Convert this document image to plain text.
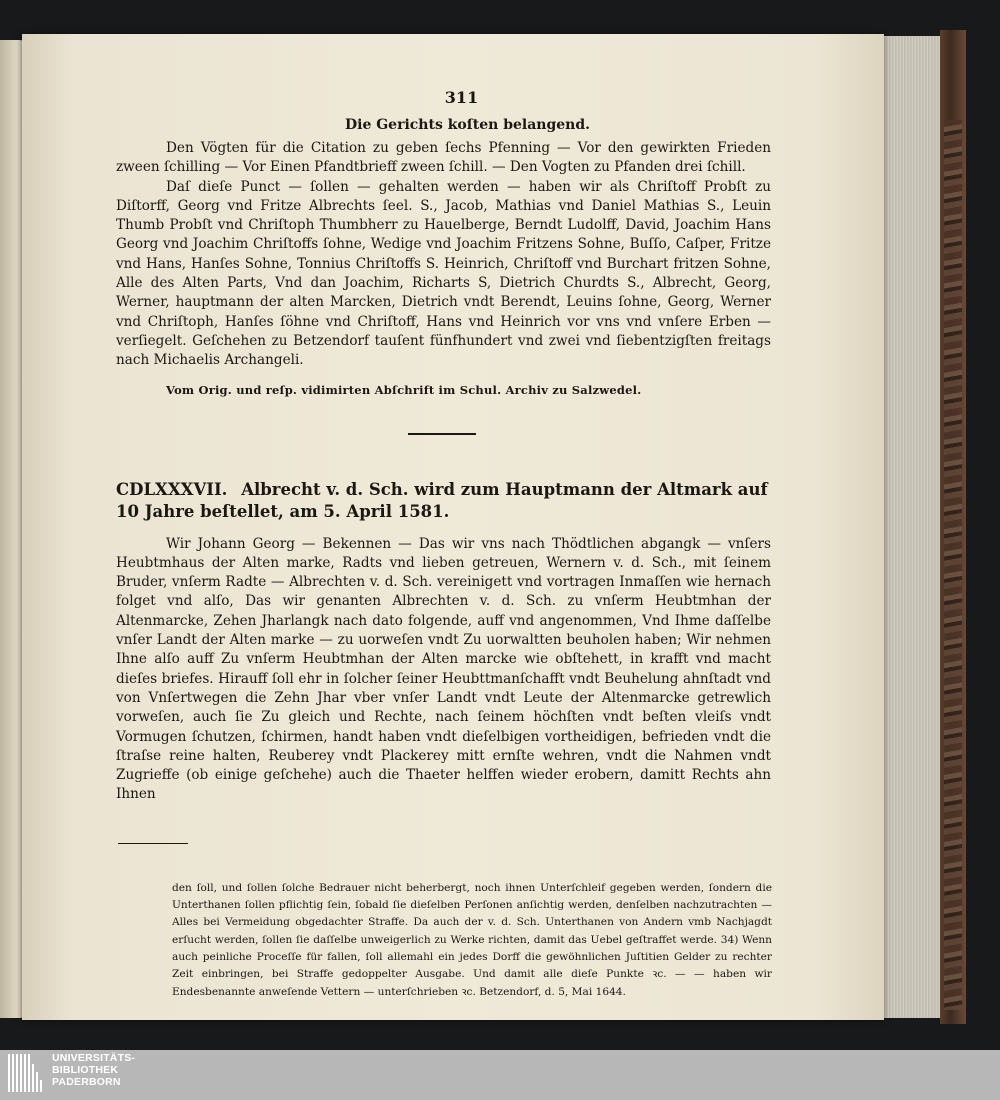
311
Die Gerichts koſten belangend.

Den Vögten für die Citation zu geben ſechs Pfenning — Vor den gewirkten Frieden zween ſchilling — Vor Einen Pfandtbrieff zween ſchill. — Den Vogten zu Pfanden drei ſchill.

Daſ dieſe Punct — ſollen — gehalten werden — haben wir als Chriſtoff Probſt zu Diſtorff, Georg vnd Fritze Albrechts ſeel. S., Jacob, Mathias vnd Daniel Mathias S., Leuin Thumb Probſt vnd Chriſtoph Thumbherr zu Hauelberge, Berndt Ludolff, David, Joachim Hans Georg vnd Joachim Chriſtoffs ſohne, Wedige vnd Joachim Fritzens Sohne, Buſſo, Caſper, Fritze vnd Hans, Hanſes Sohne, Tonnius Chriſtoffs S. Heinrich, Chriſtoff vnd Burchart fritzen Sohne, Alle des Alten Parts, Vnd dan Joachim, Richarts S, Dietrich Churdts S., Albrecht, Georg, Werner, hauptmann der alten Marcken, Dietrich vndt Berendt, Leuins ſohne, Georg, Werner vnd Chriſtoph, Hanſes ſöhne vnd Chriſtoff, Hans vnd Heinrich vor vns vnd vnſere Erben — verſiegelt. Geſchehen zu Betzendorf tauſent fünfhundert vnd zwei vnd ſiebentzigſten freitags nach Michaelis Archangeli.

Vom Orig. und reſp. vidimirten Abſchrift im Schul. Archiv zu Salzwedel.
CDLXXXVII. Albrecht v. d. Sch. wird zum Hauptmann der Altmark auf 10 Jahre beſtellet, am 5. April 1581.

Wir Johann Georg — Bekennen — Das wir vns nach Thödtlichen abgangk — vnſers Heubtmhaus der Alten marke, Radts vnd lieben getreuen, Wernern v. d. Sch., mit ſeinem Bruder, vnſerm Radte — Albrechten v. d. Sch. vereinigett vnd vortragen Inmaſſen wie hernach folget vnd alſo, Das wir genanten Albrechten v. d. Sch. zu vnſerm Heubtmhan der Altenmarcke, Zehen Jharlangk nach dato folgende, auff vnd angenommen, Vnd Ihme daſſelbe vnſer Landt der Alten marke — zu uorweſen vndt Zu uorwaltten beuholen haben; Wir nehmen Ihne alſo auff Zu vnſerm Heubtmhan der Alten marcke wie obſtehett, in krafft vnd macht dieſes briefes. Hirauff ſoll ehr in ſolcher ſeiner Heubttmanſchafft vndt Beuhelung ahnſtadt vnd von Vnſertwegen die Zehn Jhar vber vnſer Landt vndt Leute der Altenmarcke getrewlich vorweſen, auch ſie Zu gleich und Rechte, nach ſeinem höchſten vndt beſten vleiſs vndt Vormugen ſchutzen, ſchirmen, handt haben vndt dieſelbigen vortheidigen, befrieden vndt die ſtraſse reine halten, Reuberey vndt Plackerey mitt ernſte wehren, vndt die Nahmen vndt Zugrieffe (ob einige geſchehe) auch die Thaeter helffen wieder erobern, damitt Rechts ahn Ihnen

den ſoll, und ſollen ſolche Bedrauer nicht beherbergt, noch ihnen Unterſchleif gegeben werden, ſondern die Unterthanen ſollen pflichtig ſein, ſobald ſie dieſelben Perſonen anſichtig werden, denſelben nachzutrachten — Alles bei Vermeidung obgedachter Straffe. Da auch der v. d. Sch. Unterthanen von Andern vmb Nachjagdt erſucht werden, ſollen ſie daſſelbe unweigerlich zu Werke richten, damit das Uebel geſtraffet werde. 34) Wenn auch peinliche Proceſſe für fallen, ſoll allemahl ein jedes Dorff die gewöhnlichen Juſtitien Gelder zu rechter Zeit einbringen, bei Straffe gedoppelter Ausgabe. Und damit alle dieſe Punkte ꝛc. — — haben wir Endesbenannte anweſende Vettern — unterſchrieben ꝛc. Betzendorf, d. 5, Mai 1644.
UNIVERSITÄTS-
BIBLIOTHEK
PADERBORN
